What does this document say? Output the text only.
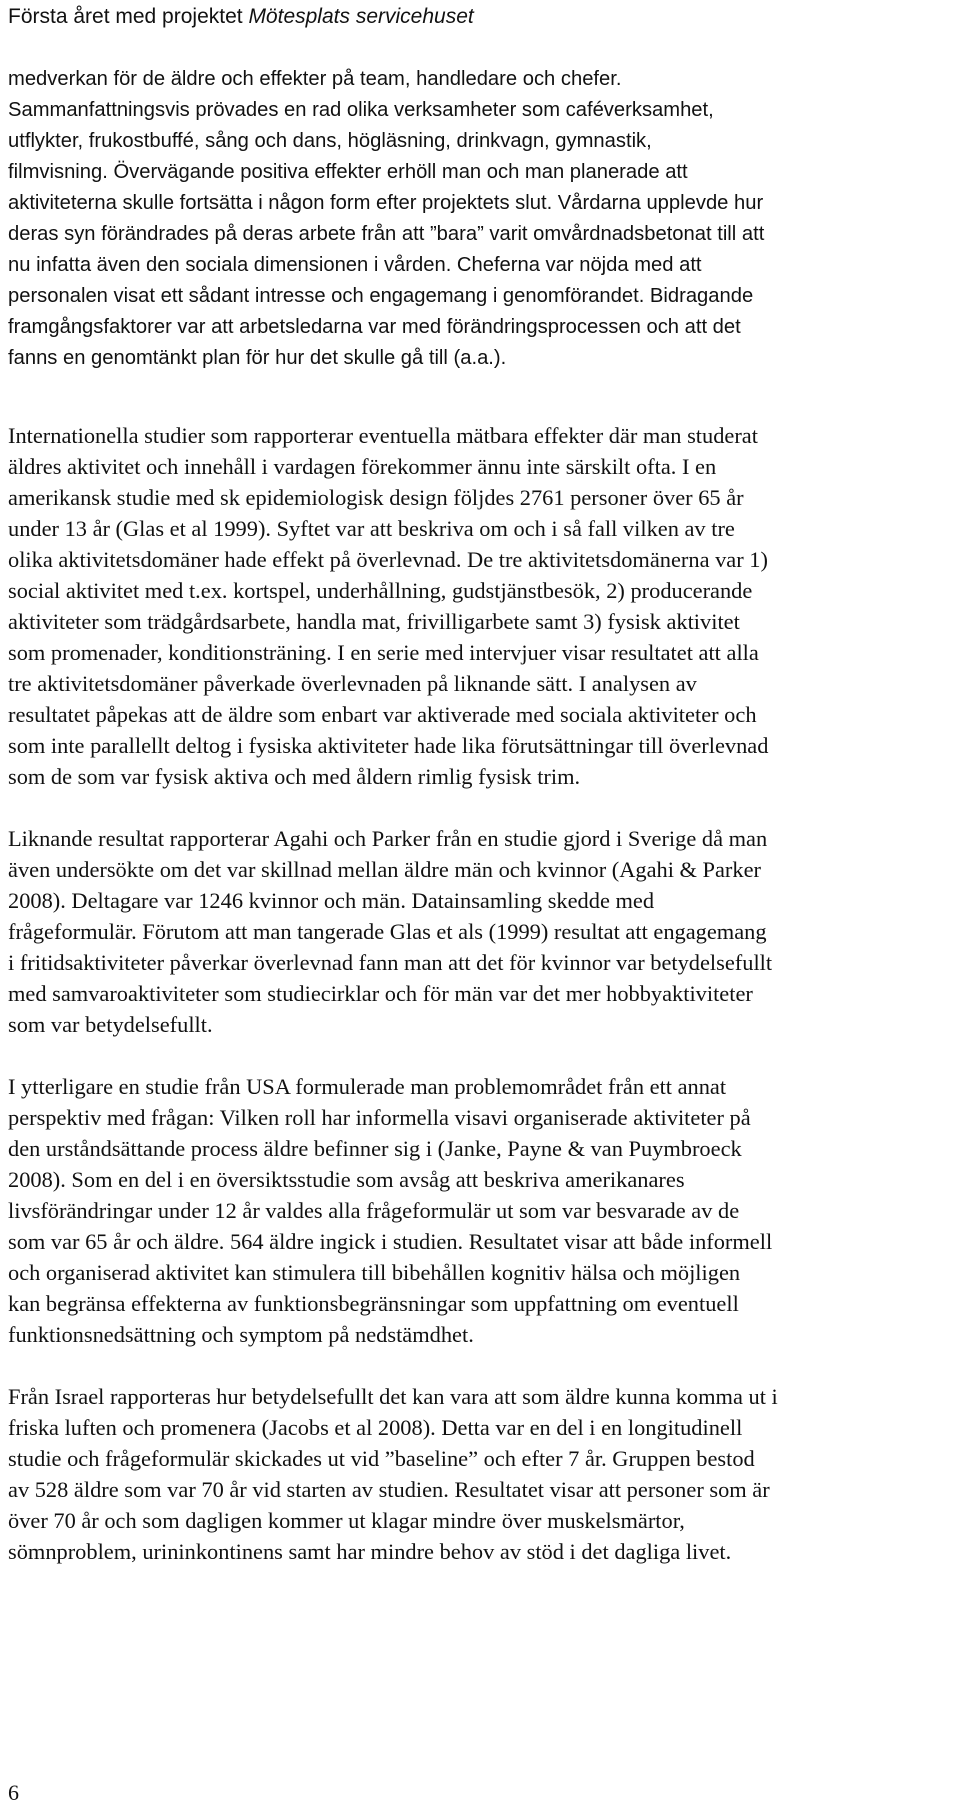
Första året med projektet Mötesplats servicehuset

medverkan för de äldre och effekter på team, handledare och chefer.
Sammanfattningsvis prövades en rad olika verksamheter som caféverksamhet,
utflykter, frukostbuffé, sång och dans, högläsning, drinkvagn, gymnastik,
filmvisning. Övervägande positiva effekter erhöll man och man planerade att
aktiviteterna skulle fortsätta i någon form efter projektets slut. Vårdarna upplevde hur
deras syn förändrades på deras arbete från att ”bara” varit omvårdnadsbetonat till att
nu infatta även den sociala dimensionen i vården. Cheferna var nöjda med att
personalen visat ett sådant intresse och engagemang i genomförandet. Bidragande
framgångsfaktorer var att arbetsledarna var med förändringsprocessen och att det
fanns en genomtänkt plan för hur det skulle gå till (a.a.).

Internationella studier som rapporterar eventuella mätbara effekter där man studerat
äldres aktivitet och innehåll i vardagen förekommer ännu inte särskilt ofta. I en
amerikansk studie med sk epidemiologisk design följdes 2761 personer över 65 år
under 13 år (Glas et al 1999). Syftet var att beskriva om och i så fall vilken av tre
olika aktivitetsdomäner hade effekt på överlevnad. De tre aktivitetsdomänerna var 1)
social aktivitet med t.ex. kortspel, underhållning, gudstjänstbesök, 2) producerande
aktiviteter som trädgårdsarbete, handla mat, frivilligarbete samt 3) fysisk aktivitet
som promenader, konditionsträning. I en serie med intervjuer visar resultatet att alla
tre aktivitetsdomäner påverkade överlevnaden på liknande sätt. I analysen av
resultatet påpekas att de äldre som enbart var aktiverade med sociala aktiviteter och
som inte parallellt deltog i fysiska aktiviteter hade lika förutsättningar till överlevnad
som de som var fysisk aktiva och med åldern rimlig fysisk trim.

Liknande resultat rapporterar Agahi och Parker från en studie gjord i Sverige då man
även undersökte om det var skillnad mellan äldre män och kvinnor (Agahi & Parker
2008). Deltagare var 1246 kvinnor och män. Datainsamling skedde med
frågeformulär. Förutom att man tangerade Glas et als (1999) resultat att engagemang
i fritidsaktiviteter påverkar överlevnad fann man att det för kvinnor var betydelsefullt
med samvaroaktiviteter som studiecirklar och för män var det mer hobbyaktiviteter
som var betydelsefullt.

I ytterligare en studie från USA formulerade man problemområdet från ett annat
perspektiv med frågan: Vilken roll har informella visavi organiserade aktiviteter på
den urståndsättande process äldre befinner sig i (Janke, Payne & van Puymbroeck
2008). Som en del i en översiktsstudie som avsåg att beskriva amerikanares
livsförändringar under 12 år valdes alla frågeformulär ut som var besvarade av de
som var 65 år och äldre. 564 äldre ingick i studien. Resultatet visar att både informell
och organiserad aktivitet kan stimulera till bibehållen kognitiv hälsa och möjligen
kan begränsa effekterna av funktionsbegränsningar som uppfattning om eventuell
funktionsnedsättning och symptom på nedstämdhet.

Från Israel rapporteras hur betydelsefullt det kan vara att som äldre kunna komma ut i
friska luften och promenera (Jacobs et al 2008). Detta var en del i en longitudinell
studie och frågeformulär skickades ut vid ”baseline” och efter 7 år. Gruppen bestod
av 528 äldre som var 70 år vid starten av studien. Resultatet visar att personer som är
över 70 år och som dagligen kommer ut klagar mindre över muskelsmärtor,
sömnproblem, urininkontinens samt har mindre behov av stöd i det dagliga livet.

6
